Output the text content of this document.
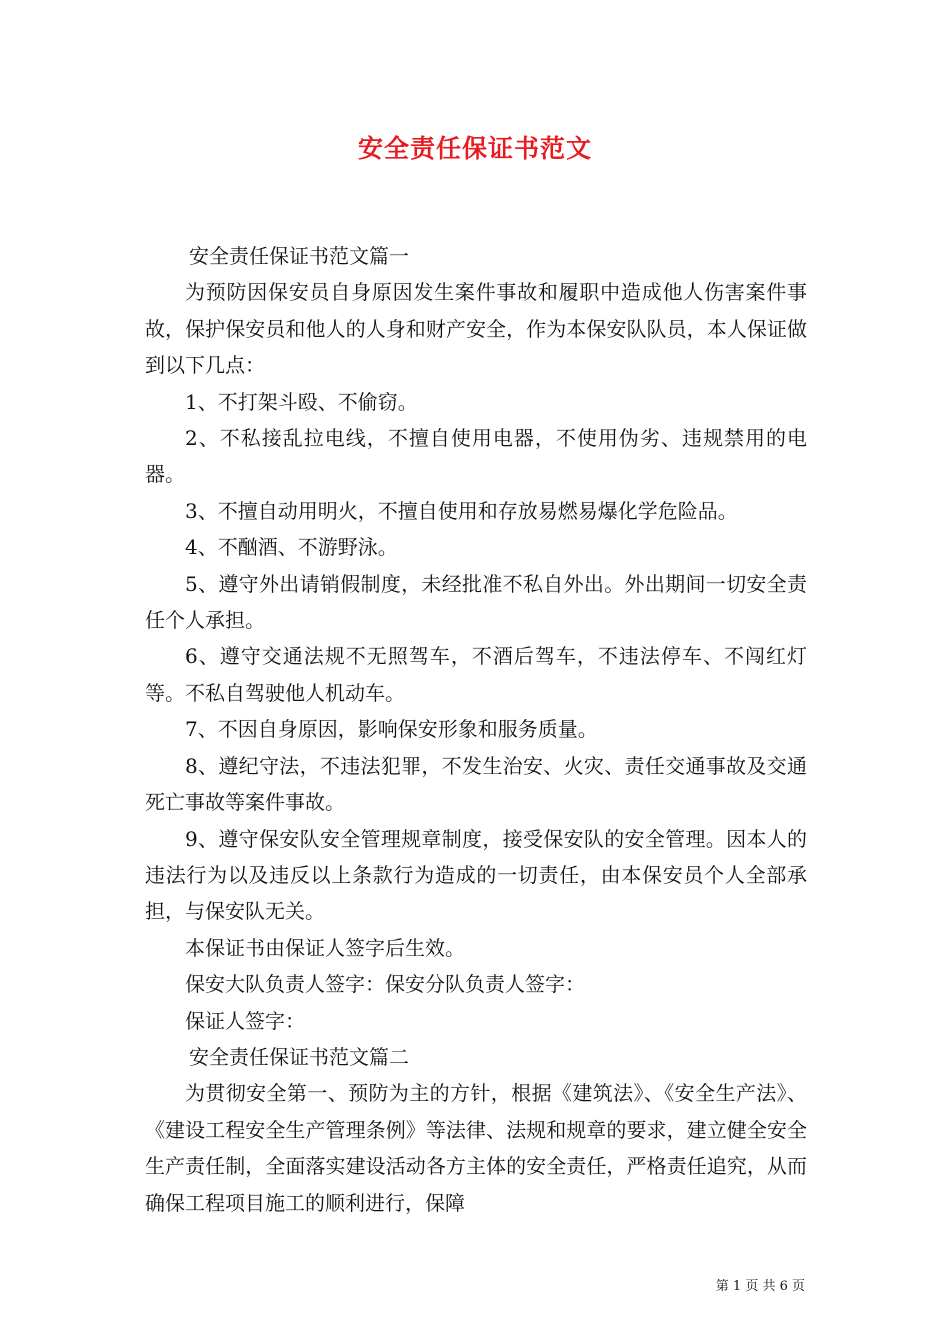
安全责任保证书范文

安全责任保证书范文篇一

为预防因保安员自身原因发生案件事故和履职中造成他人伤害案件事故，保护保安员和他人的人身和财产安全，作为本保安队队员，本人保证做到以下几点：

1、不打架斗殴、不偷窃。

2、不私接乱拉电线，不擅自使用电器，不使用伪劣、违规禁用的电器。

3、不擅自动用明火，不擅自使用和存放易燃易爆化学危险品。

4、不酗酒、不游野泳。

5、遵守外出请销假制度，未经批准不私自外出。外出期间一切安全责任个人承担。

6、遵守交通法规不无照驾车，不酒后驾车，不违法停车、不闯红灯等。不私自驾驶他人机动车。

7、不因自身原因，影响保安形象和服务质量。

8、遵纪守法，不违法犯罪，不发生治安、火灾、责任交通事故及交通死亡事故等案件事故。

9、遵守保安队安全管理规章制度，接受保安队的安全管理。因本人的违法行为以及违反以上条款行为造成的一切责任，由本保安员个人全部承担，与保安队无关。

本保证书由保证人签字后生效。

保安大队负责人签字：保安分队负责人签字：

保证人签字：

安全责任保证书范文篇二

为贯彻安全第一、预防为主的方针，根据《建筑法》、《安全生产法》、《建设工程安全生产管理条例》等法律、法规和规章的要求，建立健全安全生产责任制，全面落实建设活动各方主体的安全责任，严格责任追究，从而确保工程项目施工的顺利进行，保障

第 1 页 共 6 页
